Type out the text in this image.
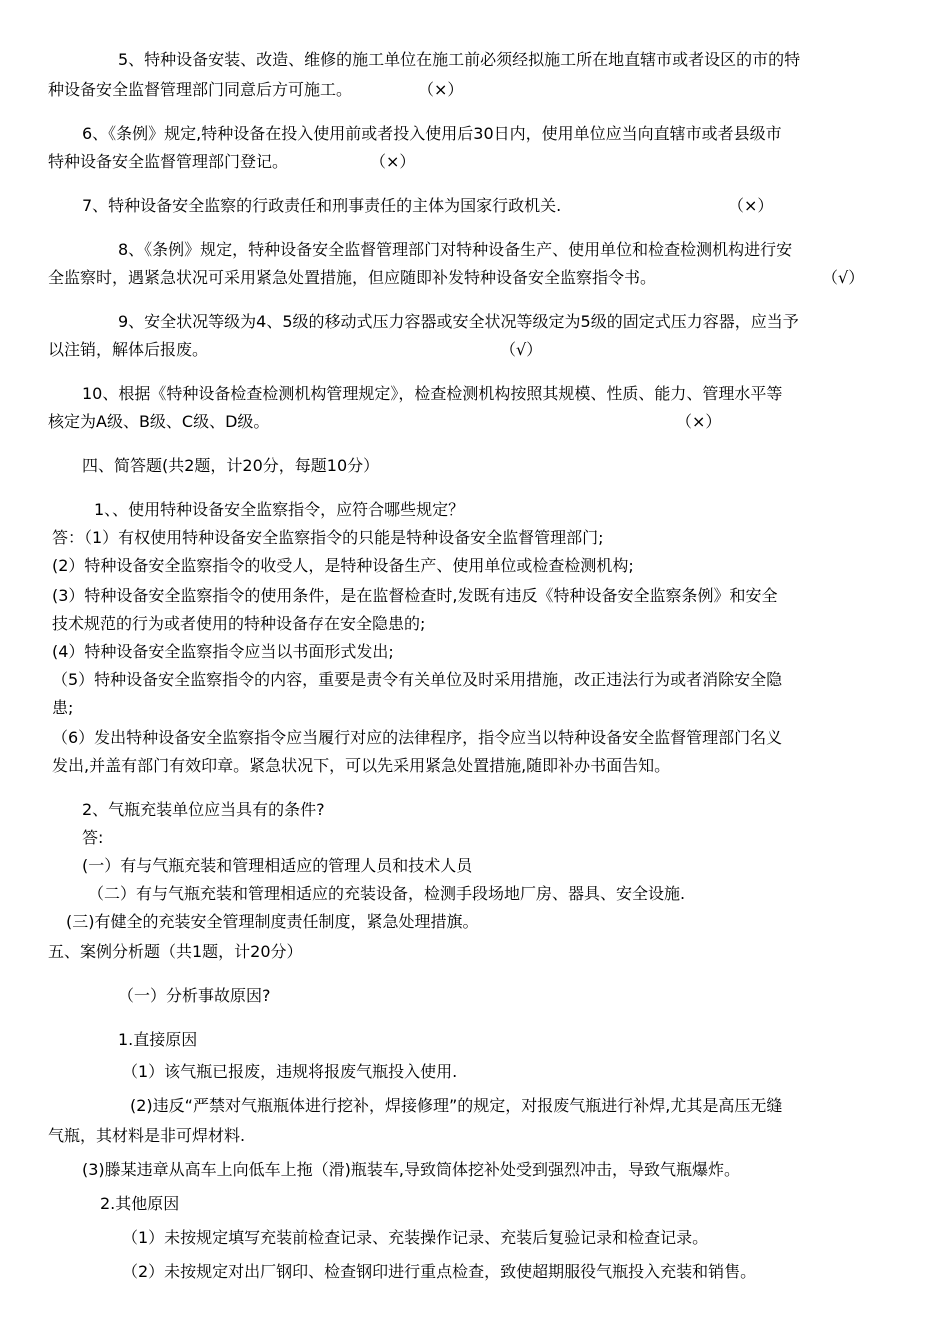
5、特种设备安装、改造、维修的施工单位在施工前必须经拟施工所在地直辖市或者设区的市的特
种设备安全监督管理部门同意后方可施工。	（×）
6、《条例》规定,特种设备在投入使用前或者投入使用后30日内，使用单位应当向直辖市或者县级市
特种设备安全监督管理部门登记。	（×）
7、特种设备安全监察的行政责任和刑事责任的主体为国家行政机关.	（×）
8、《条例》规定，特种设备安全监督管理部门对特种设备生产、使用单位和检查检测机构进行安
全监察时，遇紧急状况可采用紧急处置措施，但应随即补发特种设备安全监察指令书。	（√）
9、安全状况等级为4、5级的移动式压力容器或安全状况等级定为5级的固定式压力容器，应当予
以注销，解体后报废。	（√）
10、根据《特种设备检查检测机构管理规定》，检查检测机构按照其规模、性质、能力、管理水平等
核定为A级、B级、C级、D级。	（×）
四、简答题(共2题，计20分，每题10分）
1、、使用特种设备安全监察指令，应符合哪些规定？
答：（1）有权使用特种设备安全监察指令的只能是特种设备安全监督管理部门;
(2）特种设备安全监察指令的收受人，是特种设备生产、使用单位或检查检测机构;
(3）特种设备安全监察指令的使用条件，是在监督检查时,发既有违反《特种设备安全监察条例》和安全
技术规范的行为或者使用的特种设备存在安全隐患的;
(4）特种设备安全监察指令应当以书面形式发出;
（5）特种设备安全监察指令的内容，重要是责令有关单位及时采用措施，改正违法行为或者消除安全隐
患;
（6）发出特种设备安全监察指令应当履行对应的法律程序，指令应当以特种设备安全监督管理部门名义
发出,并盖有部门有效印章。紧急状况下，可以先采用紧急处置措施,随即补办书面告知。
2、气瓶充装单位应当具有的条件?
答:
(一）有与气瓶充装和管理相适应的管理人员和技术人员
（二）有与气瓶充装和管理相适应的充装设备，检测手段场地厂房、器具、安全设施.
(三)有健全的充装安全管理制度责任制度，紧急处理措旗。
五、案例分析题（共1题，计20分）
（一）分析事故原因?
1.直接原因
（1）该气瓶已报废，违规将报废气瓶投入使用.
(2)违反“严禁对气瓶瓶体进行挖补，焊接修理”的规定，对报废气瓶进行补焊,尤其是高压无缝
气瓶，其材料是非可焊材料.
(3)滕某违章从高车上向低车上拖（滑)瓶装车,导致筒体挖补处受到强烈冲击，导致气瓶爆炸。
2.其他原因
（1）未按规定填写充装前检查记录、充装操作记录、充装后复验记录和检查记录。
（2）未按规定对出厂钢印、检查钢印进行重点检查，致使超期服役气瓶投入充装和销售。
